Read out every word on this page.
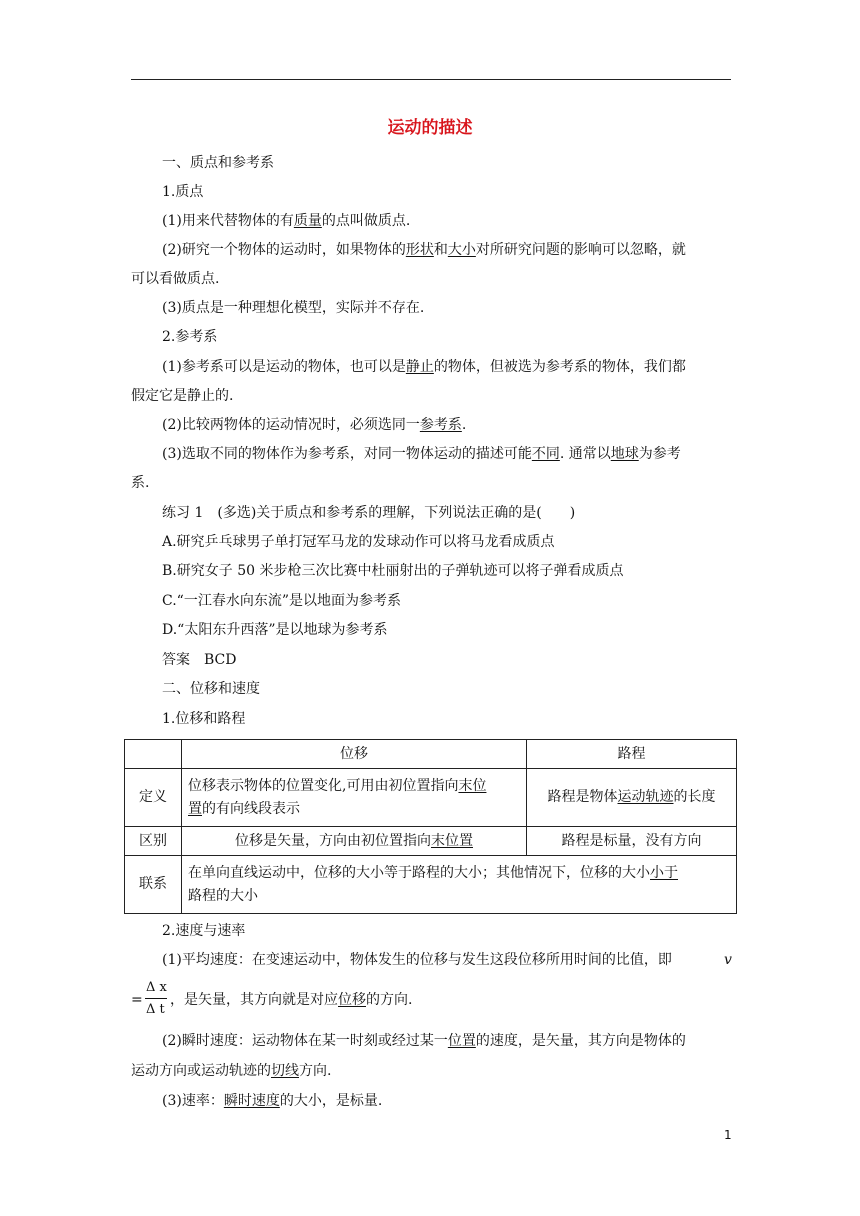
运动的描述
一、质点和参考系
1.质点
(1)用来代替物体的有质量的点叫做质点.
(2)研究一个物体的运动时，如果物体的形状和大小对所研究问题的影响可以忽略，就
可以看做质点.
(3)质点是一种理想化模型，实际并不存在.
2.参考系
(1)参考系可以是运动的物体，也可以是静止的物体，但被选为参考系的物体，我们都
假定它是静止的.
(2)比较两物体的运动情况时，必须选同一参考系.
(3)选取不同的物体作为参考系，对同一物体运动的描述可能不同. 通常以地球为参考
系.
练习 1　(多选)关于质点和参考系的理解，下列说法正确的是(　　)
A.研究乒乓球男子单打冠军马龙的发球动作可以将马龙看成质点
B.研究女子 50 米步枪三次比赛中杜丽射出的子弹轨迹可以将子弹看成质点
C.“一江春水向东流”是以地面为参考系
D.“太阳东升西落”是以地球为参考系
答案　BCD
二、位移和速度
1.位移和路程
	位移	路程
定义	位移表示物体的位置变化,可用由初位置指向末位
置的有向线段表示	路程是物体运动轨迹的长度
区别	位移是矢量，方向由初位置指向末位置	路程是标量，没有方向
联系	在单向直线运动中，位移的大小等于路程的大小；其他情况下，位移的大小小于
路程的大小	
2.速度与速率
(1)平均速度：在变速运动中，物体发生的位移与发生这段位移所用时间的比值，即	v
=
Δ x
Δ t
，是矢量，其方向就是对应位移的方向.
(2)瞬时速度：运动物体在某一时刻或经过某一位置的速度，是矢量，其方向是物体的
运动方向或运动轨迹的切线方向.
(3)速率：瞬时速度的大小，是标量.
1
